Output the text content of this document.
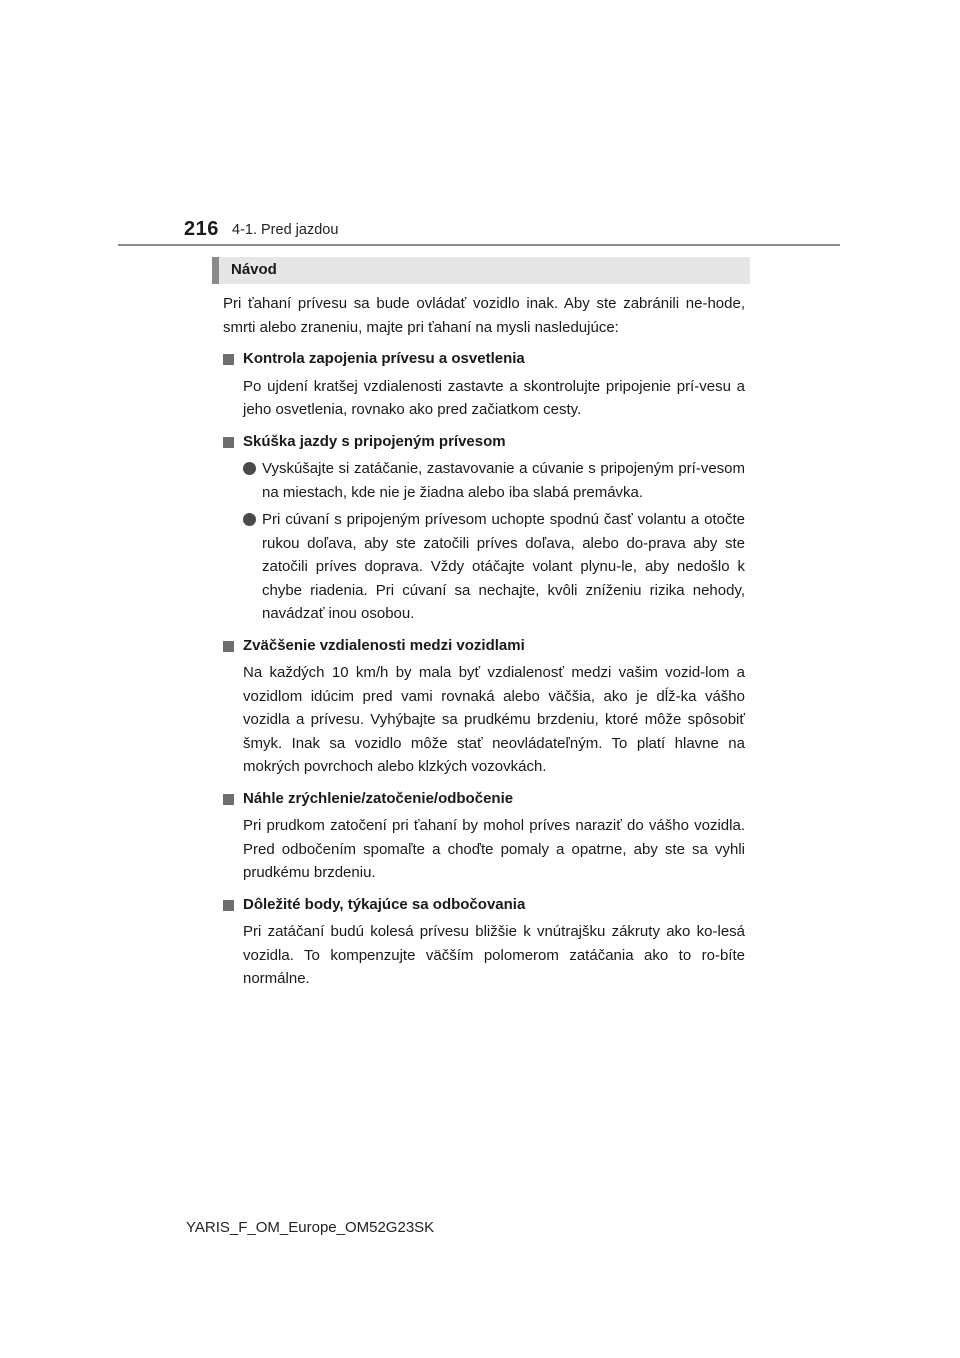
216 4-1. Pred jazdou
Návod

Pri ťahaní prívesu sa bude ovládať vozidlo inak. Aby ste zabránili ne-hode, smrti alebo zraneniu, majte pri ťahaní na mysli nasledujúce:

Kontrola zapojenia prívesu a osvetlenia

Po ujdení kratšej vzdialenosti zastavte a skontrolujte pripojenie prí-vesu a jeho osvetlenia, rovnako ako pred začiatkom cesty.

Skúška jazdy s pripojeným prívesom
Vyskúšajte si zatáčanie, zastavovanie a cúvanie s pripojeným prí-vesom na miestach, kde nie je žiadna alebo iba slabá premávka.
Pri cúvaní s pripojeným prívesom uchopte spodnú časť volantu a otočte rukou doľava, aby ste zatočili príves doľava, alebo do-prava aby ste zatočili príves doprava. Vždy otáčajte volant plynu-le, aby nedošlo k chybe riadenia. Pri cúvaní sa nechajte, kvôli zníženiu rizika nehody, navádzať inou osobou.
Zväčšenie vzdialenosti medzi vozidlami

Na každých 10 km/h by mala byť vzdialenosť medzi vašim vozid-lom a vozidlom idúcim pred vami rovnaká alebo väčšia, ako je dĺž-ka vášho vozidla a prívesu. Vyhýbajte sa prudkému brzdeniu, ktoré môže spôsobiť šmyk. Inak sa vozidlo môže stať neovládateľným. To platí hlavne na mokrých povrchoch alebo klzkých vozovkách.

Náhle zrýchlenie/zatočenie/odbočenie

Pri prudkom zatočení pri ťahaní by mohol príves naraziť do vášho vozidla. Pred odbočením spomaľte a choďte pomaly a opatrne, aby ste sa vyhli prudkému brzdeniu.

Dôležité body, týkajúce sa odbočovania

Pri zatáčaní budú kolesá prívesu bližšie k vnútrajšku zákruty ako ko-lesá vozidla. To kompenzujte väčším polomerom zatáčania ako to ro-bíte normálne.

YARIS_F_OM_Europe_OM52G23SK
